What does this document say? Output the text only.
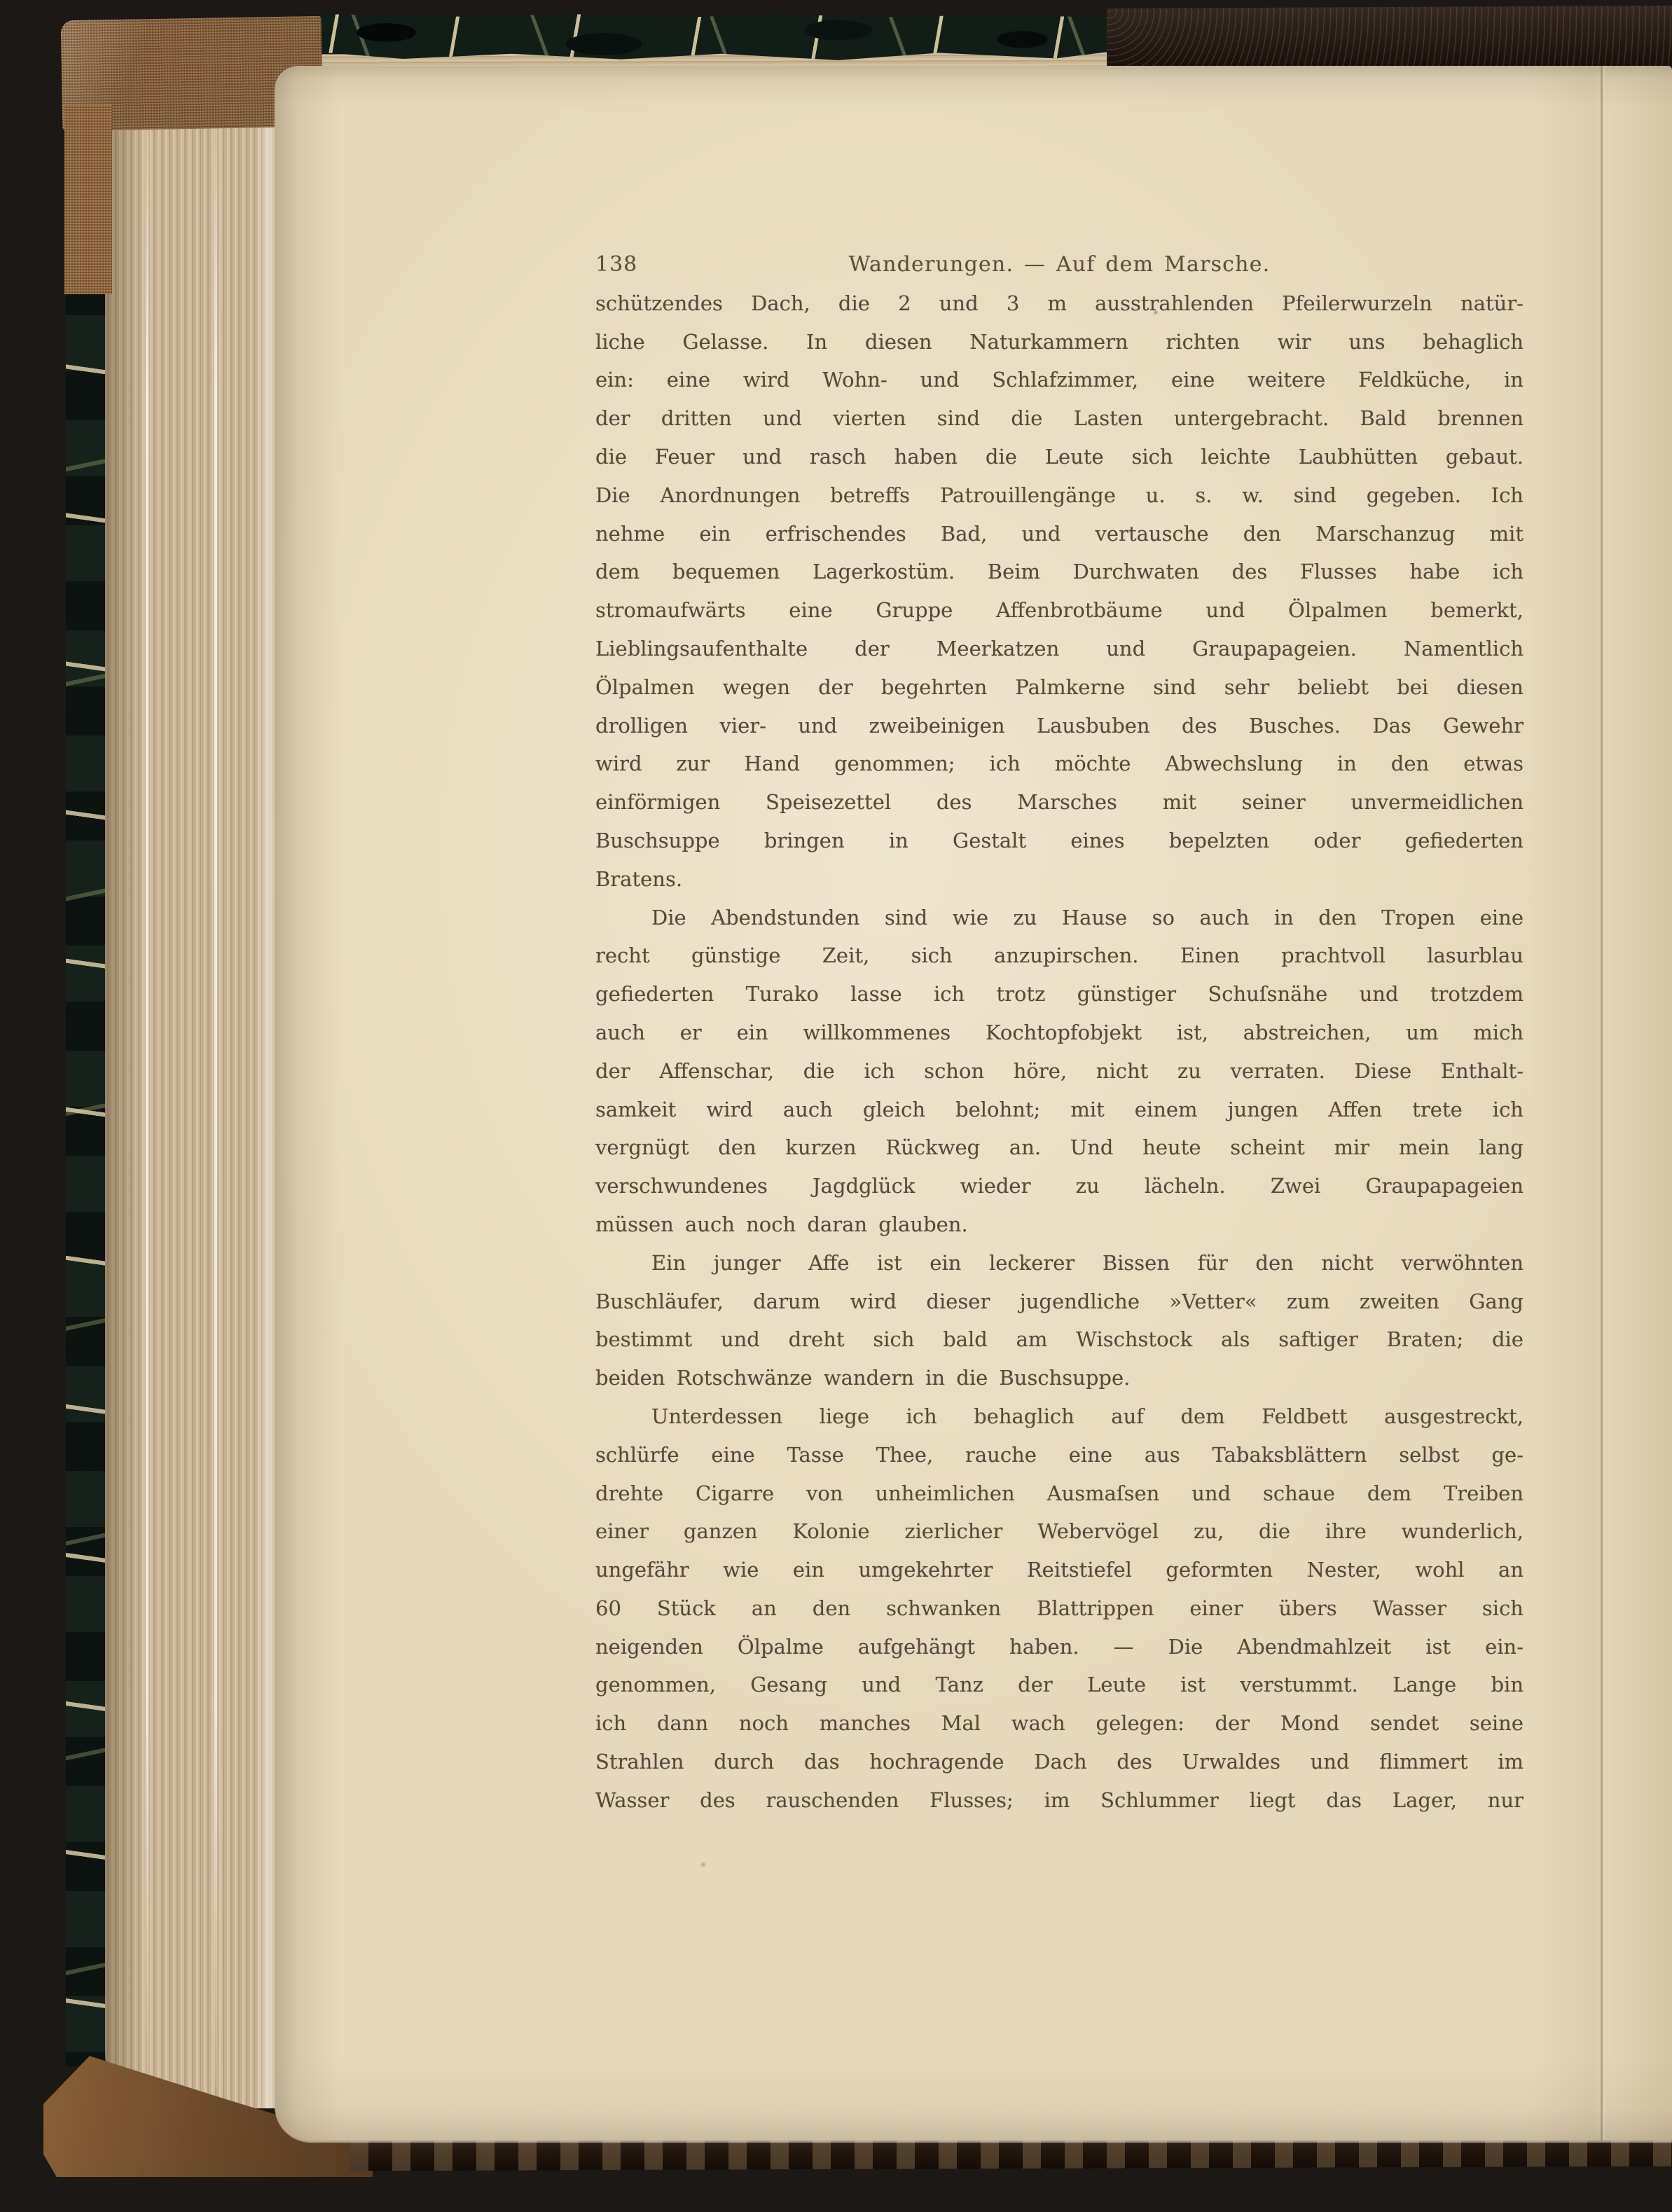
138	Wanderungen. — Auf dem Marsche.
schützendes Dach, die 2 und 3 m ausstrahlenden Pfeilerwurzeln natür-
liche Gelasse. In diesen Naturkammern richten wir uns behaglich
ein: eine wird Wohn- und Schlafzimmer, eine weitere Feldküche, in
der dritten und vierten sind die Lasten untergebracht. Bald brennen
die Feuer und rasch haben die Leute sich leichte Laubhütten gebaut.
Die Anordnungen betreffs Patrouillengänge u. s. w. sind gegeben. Ich
nehme ein erfrischendes Bad, und vertausche den Marschanzug mit
dem bequemen Lagerkostüm. Beim Durchwaten des Flusses habe ich
stromaufwärts eine Gruppe Affenbrotbäume und Ölpalmen bemerkt,
Lieblingsaufenthalte der Meerkatzen und Graupapageien. Namentlich
Ölpalmen wegen der begehrten Palmkerne sind sehr beliebt bei diesen
drolligen vier- und zweibeinigen Lausbuben des Busches. Das Gewehr
wird zur Hand genommen; ich möchte Abwechslung in den etwas
einförmigen Speisezettel des Marsches mit seiner unvermeidlichen
Buschsuppe bringen in Gestalt eines bepelzten oder gefiederten
Bratens.
Die Abendstunden sind wie zu Hause so auch in den Tropen eine
recht günstige Zeit, sich anzupirschen. Einen prachtvoll lasurblau
gefiederten Turako lasse ich trotz günstiger Schuſsnähe und trotzdem
auch er ein willkommenes Kochtopfobjekt ist, abstreichen, um mich
der Affenschar, die ich schon höre, nicht zu verraten. Diese Enthalt-
samkeit wird auch gleich belohnt; mit einem jungen Affen trete ich
vergnügt den kurzen Rückweg an. Und heute scheint mir mein lang
verschwundenes Jagdglück wieder zu lächeln. Zwei Graupapageien
müssen auch noch daran glauben.
Ein junger Affe ist ein leckerer Bissen für den nicht verwöhnten
Buschläufer, darum wird dieser jugendliche »Vetter« zum zweiten Gang
bestimmt und dreht sich bald am Wischstock als saftiger Braten; die
beiden Rotschwänze wandern in die Buschsuppe.
Unterdessen liege ich behaglich auf dem Feldbett ausgestreckt,
schlürfe eine Tasse Thee, rauche eine aus Tabaksblättern selbst ge-
drehte Cigarre von unheimlichen Ausmaſsen und schaue dem Treiben
einer ganzen Kolonie zierlicher Webervögel zu, die ihre wunderlich,
ungefähr wie ein umgekehrter Reitstiefel geformten Nester, wohl an
60 Stück an den schwanken Blattrippen einer übers Wasser sich
neigenden Ölpalme aufgehängt haben. — Die Abendmahlzeit ist ein-
genommen, Gesang und Tanz der Leute ist verstummt. Lange bin
ich dann noch manches Mal wach gelegen: der Mond sendet seine
Strahlen durch das hochragende Dach des Urwaldes und flimmert im
Wasser des rauschenden Flusses; im Schlummer liegt das Lager, nur
